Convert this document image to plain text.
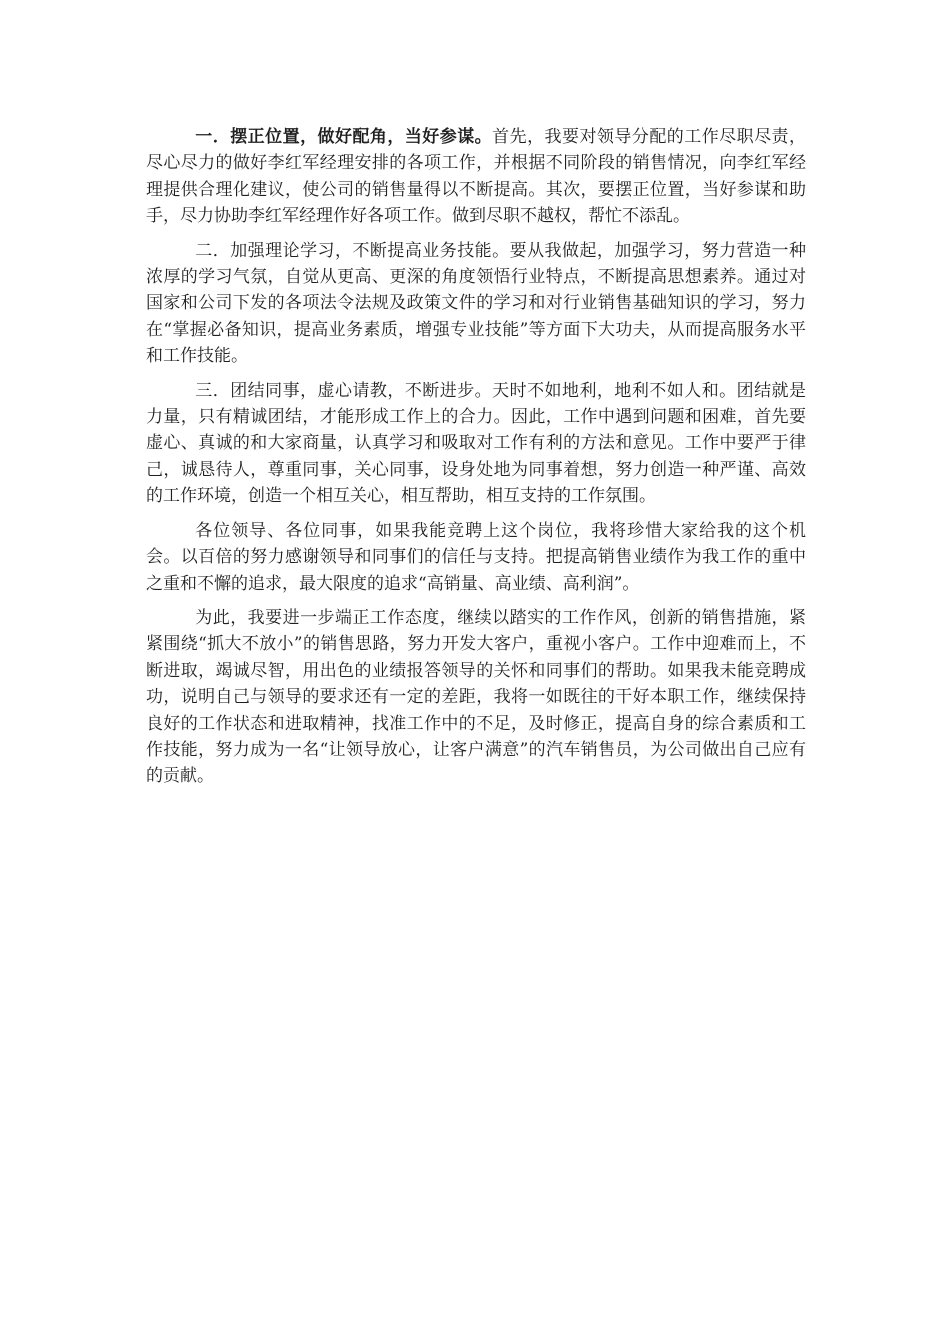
一．摆正位置，做好配角，当好参谋。首先，我要对领导分配的工作尽职尽责，尽心尽力的做好李红军经理安排的各项工作，并根据不同阶段的销售情况，向李红军经理提供合理化建议，使公司的销售量得以不断提高。其次，要摆正位置，当好参谋和助手，尽力协助李红军经理作好各项工作。做到尽职不越权，帮忙不添乱。

二．加强理论学习，不断提高业务技能。要从我做起，加强学习，努力营造一种浓厚的学习气氛，自觉从更高、更深的角度领悟行业特点，不断提高思想素养。通过对国家和公司下发的各项法令法规及政策文件的学习和对行业销售基础知识的学习，努力在“掌握必备知识，提高业务素质，增强专业技能”等方面下大功夫，从而提高服务水平和工作技能。

三．团结同事，虚心请教，不断进步。天时不如地利，地利不如人和。团结就是力量，只有精诚团结，才能形成工作上的合力。因此，工作中遇到问题和困难，首先要虚心、真诚的和大家商量，认真学习和吸取对工作有利的方法和意见。工作中要严于律己，诚恳待人，尊重同事，关心同事，设身处地为同事着想，努力创造一种严谨、高效的工作环境，创造一个相互关心，相互帮助，相互支持的工作氛围。

各位领导、各位同事，如果我能竞聘上这个岗位，我将珍惜大家给我的这个机会。以百倍的努力感谢领导和同事们的信任与支持。把提高销售业绩作为我工作的重中之重和不懈的追求，最大限度的追求“高销量、高业绩、高利润”。

为此，我要进一步端正工作态度，继续以踏实的工作作风，创新的销售措施，紧紧围绕“抓大不放小”的销售思路，努力开发大客户，重视小客户。工作中迎难而上，不断进取，竭诚尽智，用出色的业绩报答领导的关怀和同事们的帮助。如果我未能竞聘成功，说明自己与领导的要求还有一定的差距，我将一如既往的干好本职工作，继续保持良好的工作状态和进取精神，找准工作中的不足，及时修正，提高自身的综合素质和工作技能，努力成为一名“让领导放心，让客户满意”的汽车销售员，为公司做出自己应有的贡献。
